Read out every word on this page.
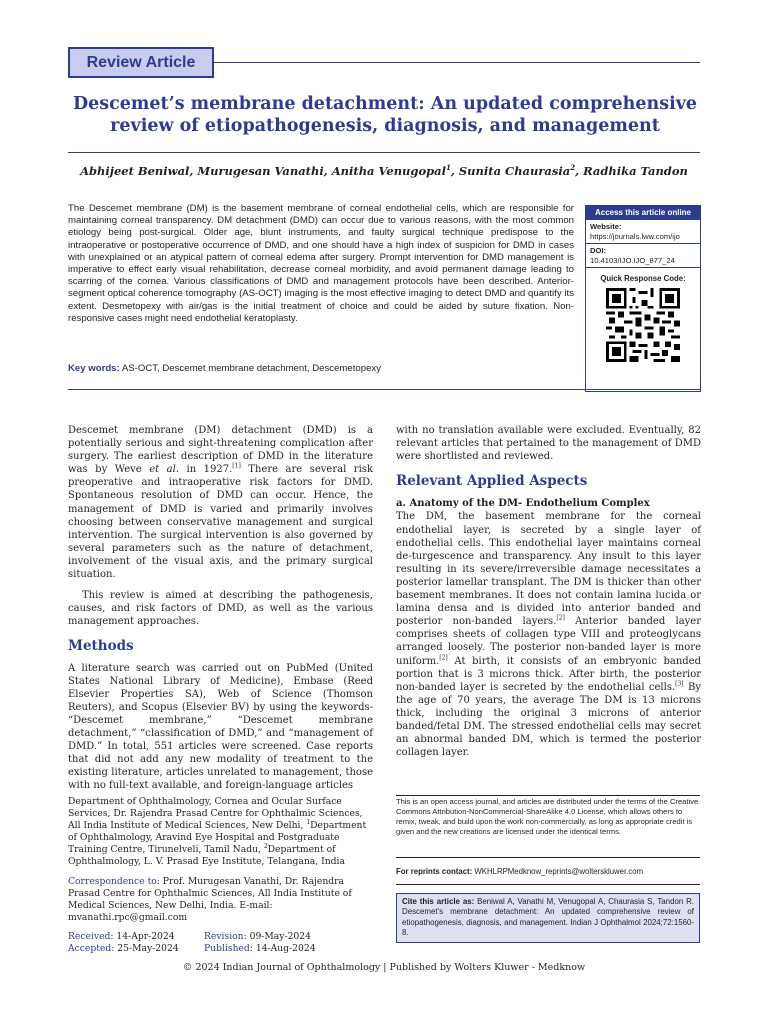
Review Article
Descemet’s membrane detachment: An updated comprehensive review of etiopathogenesis, diagnosis, and management
Abhijeet Beniwal, Murugesan Vanathi, Anitha Venugopal$^1$, Sunita Chaurasia$^2$, Radhika Tandon
The Descemet membrane (DM) is the basement membrane of corneal endothelial cells, which are responsible for maintaining corneal transparency. DM detachment (DMD) can occur due to various reasons, with the most common etiology being post-surgical. Older age, blunt instruments, and faulty surgical technique predispose to the intraoperative or postoperative occurrence of DMD, and one should have a high index of suspicion for DMD in cases with unexplained or an atypical pattern of corneal edema after surgery. Prompt intervention for DMD management is imperative to effect early visual rehabilitation, decrease corneal morbidity, and avoid permanent damage leading to scarring of the cornea. Various classifications of DMD and management protocols have been described. Anterior-segment optical coherence tomography (AS-OCT) imaging is the most effective imaging to detect DMD and quantify its extent. Desmetopexy with air/gas is the initial treatment of choice and could be aided by suture fixation. Non-responsive cases might need endothelial keratoplasty.
Access this article online
Website:
https://journals.lww.com/ijo
DOI:
10.4103/IJO.IJO_877_24
Quick Response Code:
Key words: AS-OCT, Descemet membrane detachment, Descemetopexy

Descemet membrane (DM) detachment (DMD) is a potentially serious and sight-threatening complication after surgery. The earliest description of DMD in the literature was by Weve et al. in 1927.[1] There are several risk preoperative and intraoperative risk factors for DMD. Spontaneous resolution of DMD can occur. Hence, the management of DMD is varied and primarily involves choosing between conservative management and surgical intervention. The surgical intervention is also governed by several parameters such as the nature of detachment, involvement of the visual axis, and the primary surgical situation.

This review is aimed at describing the pathogenesis, causes, and risk factors of DMD, as well as the various management approaches.

Methods

A literature search was carried out on PubMed (United States National Library of Medicine), Embase (Reed Elsevier Properties SA), Web of Science (Thomson Reuters), and Scopus (Elsevier BV) by using the keywords- “Descemet membrane,” “Descemet membrane detachment,” “classification of DMD,” and “management of DMD.” In total, 551 articles were screened. Case reports that did not add any new modality of treatment to the existing literature, articles unrelated to management, those with no full-text available, and foreign-language articles

with no translation available were excluded. Eventually, 82 relevant articles that pertained to the management of DMD were shortlisted and reviewed.

Relevant Applied Aspects
a. Anatomy of the DM- Endothelium Complex

The DM, the basement membrane for the corneal endothelial layer, is secreted by a single layer of endothelial cells. This endothelial layer maintains corneal de-turgescence and transparency. Any insult to this layer resulting in its severe/irreversible damage necessitates a posterior lamellar transplant. The DM is thicker than other basement membranes. It does not contain lamina lucida or lamina densa and is divided into anterior banded and posterior non-banded layers.[2] Anterior banded layer comprises sheets of collagen type VIII and proteoglycans arranged loosely. The posterior non-banded layer is more uniform.[2] At birth, it consists of an embryonic banded portion that is 3 microns thick. After birth, the posterior non-banded layer is secreted by the endothelial cells.[3] By the age of 70 years, the average The DM is 13 microns thick, including the original 3 microns of anterior banded/fetal DM. The stressed endothelial cells may secret an abnormal banded DM, which is termed the posterior collagen layer.

Department of Ophthalmology, Cornea and Ocular Surface Services, Dr. Rajendra Prasad Centre for Ophthalmic Sciences, All India Institute of Medical Sciences, New Delhi, $^1$Department of Ophthalmology, Aravind Eye Hospital and Postgraduate Training Centre, Tirunelveli, Tamil Nadu, $^2$Department of Ophthalmology, L. V. Prasad Eye Institute, Telangana, India
Correspondence to: Prof. Murugesan Vanathi, Dr. Rajendra Prasad Centre for Ophthalmic Sciences, All India Institute of Medical Sciences, New Delhi, India. E-mail: mvanathi.rpc@gmail.com
Received: 14-Apr-2024	Revision: 09-May-2024
Accepted: 25-May-2024	Published: 14-Aug-2024
This is an open access journal, and articles are distributed under the terms of the Creative Commons Attribution-NonCommercial-ShareAlike 4.0 License, which allows others to remix, tweak, and build upon the work non-commercially, as long as appropriate credit is given and the new creations are licensed under the identical terms.
For reprints contact: WKHLRPMedknow_reprints@wolterskluwer.com
Cite this article as: Beniwal A, Vanathi M, Venugopal A, Chaurasia S, Tandon R. Descemet’s membrane detachment: An updated comprehensive review of etiopathogenesis, diagnosis, and management. Indian J Ophthalmol 2024;72:1560-8.
© 2024 Indian Journal of Ophthalmology | Published by Wolters Kluwer - Medknow
